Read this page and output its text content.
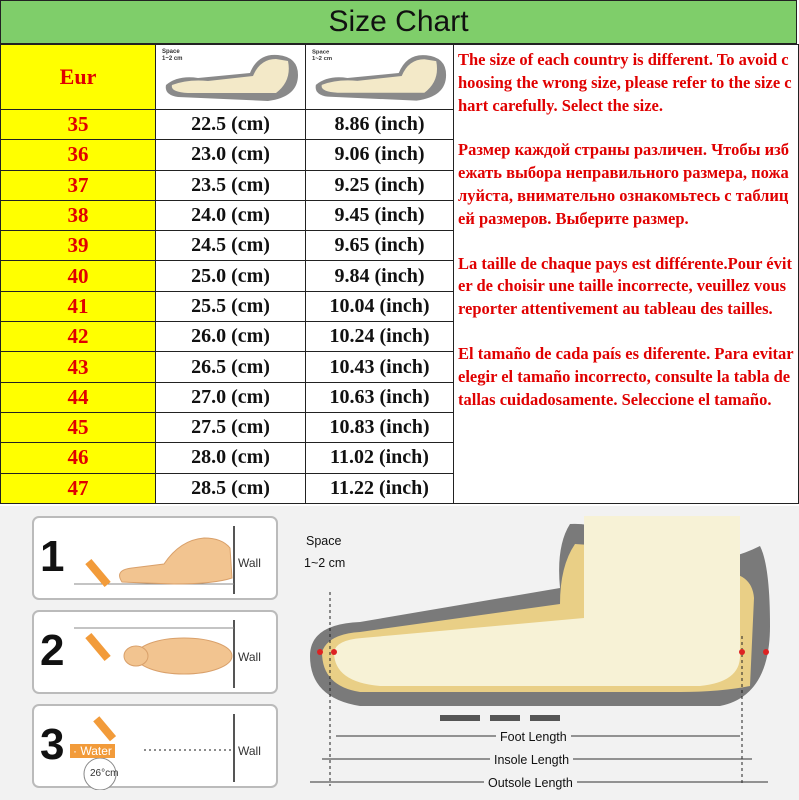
Size Chart
Eur	Space
1~2 cm	Space
1~2 cm

35	22.5 (cm)	8.86 (inch)
36	23.0 (cm)	9.06 (inch)
37	23.5 (cm)	9.25 (inch)
38	24.0 (cm)	9.45 (inch)
39	24.5 (cm)	9.65 (inch)
40	25.0 (cm)	9.84 (inch)
41	25.5 (cm)	10.04 (inch)
42	26.0 (cm)	10.24 (inch)
43	26.5 (cm)	10.43 (inch)
44	27.0 (cm)	10.63 (inch)
45	27.5 (cm)	10.83 (inch)
46	28.0 (cm)	11.02 (inch)
47	28.5 (cm)	11.22 (inch)

The size of each country is different. To avoid choosing the wrong size, please refer to the size chart carefully. Select the size.

Размер каждой страны различен. Чтобы избежать выбора неправильного размера, пожалуйста, внимательно ознакомьтесь с таблицей размеров. Выберите размер.

La taille de chaque pays est différente.Pour éviter de choisir une taille incorrecte, veuillez vous reporter attentivement au tableau des tailles.

El tamaño de cada país es diferente. Para evitar elegir el tamaño incorrecto, consulte la tabla de tallas cuidadosamente. Seleccione el tamaño.

1	Wall
2	Wall
3 · Water
26°cm
Wall
Space
1~2 cm
Foot Length
Insole Length
Outsole Length
